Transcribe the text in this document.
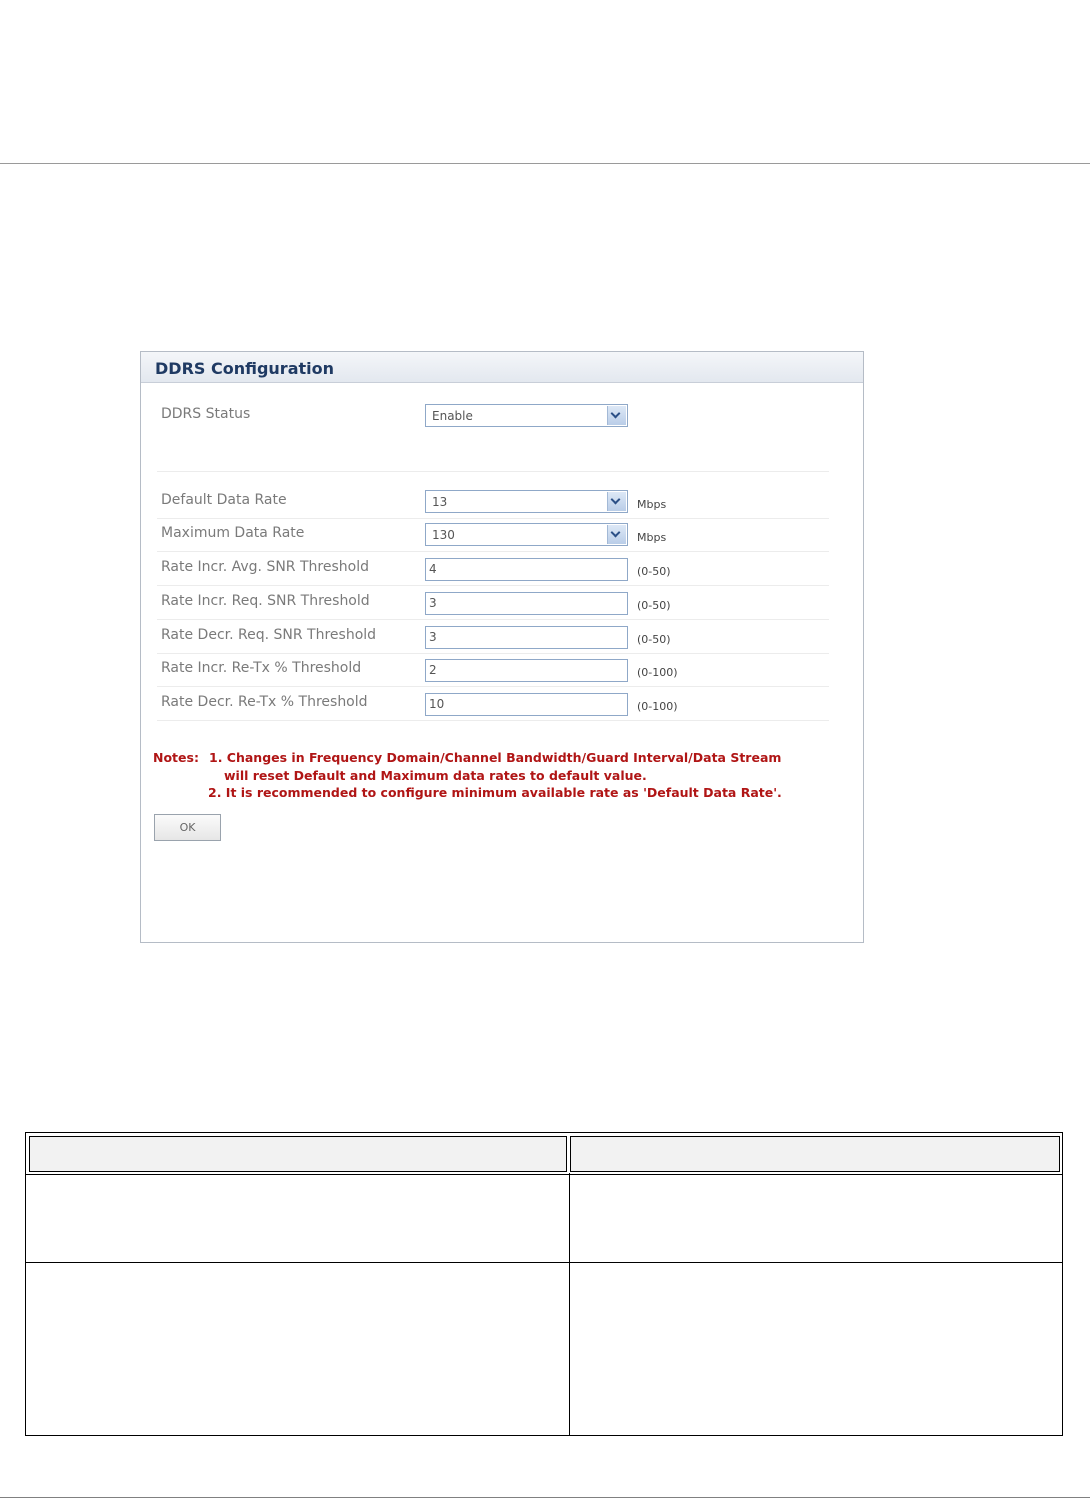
DDRS Configuration
DDRS Status	Enable
Default Data Rate	13	Mbps
Maximum Data Rate	130	Mbps
Rate Incr. Avg. SNR Threshold	4	(0-50)
Rate Incr. Req. SNR Threshold	3	(0-50)
Rate Decr. Req. SNR Threshold	3	(0-50)
Rate Incr. Re-Tx % Threshold	2	(0-100)
Rate Decr. Re-Tx % Threshold	10	(0-100)
Notes: 1. Changes in Frequency Domain/Channel Bandwidth/Guard Interval/Data Stream
will reset Default and Maximum data rates to default value.
2. It is recommended to configure minimum available rate as 'Default Data Rate'.
OK
